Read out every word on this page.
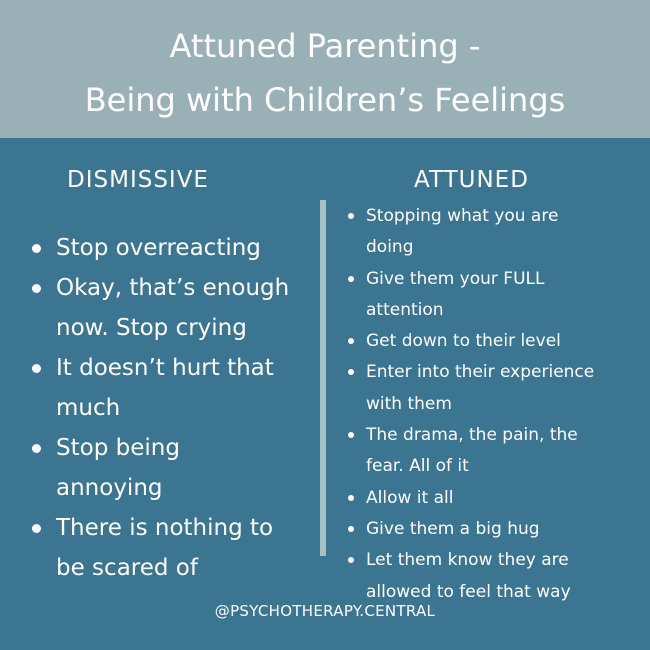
Attuned Parenting -
Being with Children’s Feelings
DISMISSIVE	ATTUNED
Stop overreacting
Okay, that’s enough
now. Stop crying
It doesn’t hurt that
much
Stop being
annoying
There is nothing to
be scared of
Stopping what you are
doing
Give them your FULL
attention
Get down to their level
Enter into their experience
with them
The drama, the pain, the
fear. All of it
Allow it all
Give them a big hug
Let them know they are
allowed to feel that way
@PSYCHOTHERAPY.CENTRAL
